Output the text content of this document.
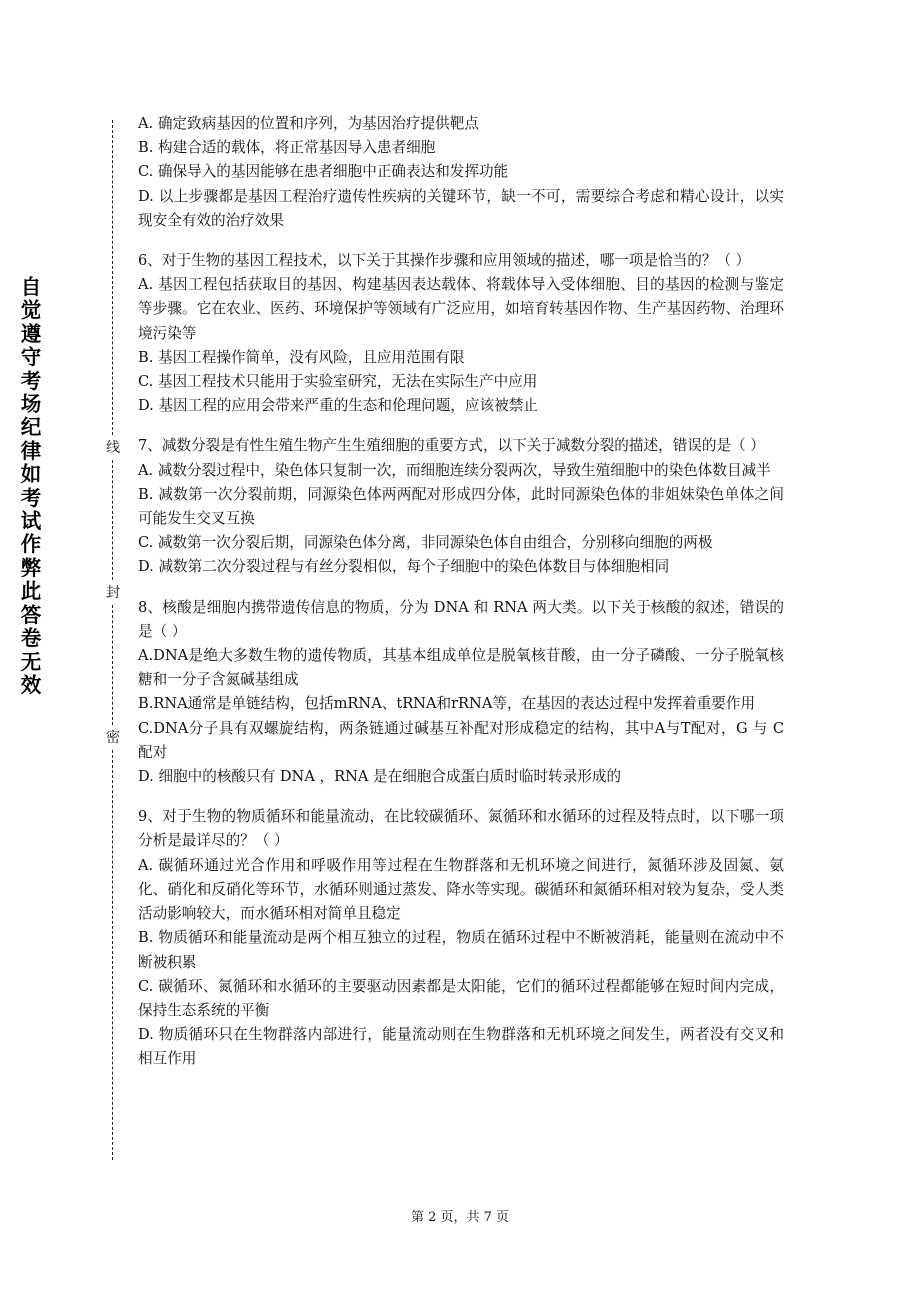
自觉遵守考场纪律如考试作弊此答卷无效
线
封
密

A. 确定致病基因的位置和序列，为基因治疗提供靶点

B. 构建合适的载体，将正常基因导入患者细胞

C. 确保导入的基因能够在患者细胞中正确表达和发挥功能

D. 以上步骤都是基因工程治疗遗传性疾病的关键环节，缺一不可，需要综合考虑和精心设计，以实现安全有效的治疗效果

6、对于生物的基因工程技术，以下关于其操作步骤和应用领域的描述，哪一项是恰当的？（ ）

A. 基因工程包括获取目的基因、构建基因表达载体、将载体导入受体细胞、目的基因的检测与鉴定等步骤。它在农业、医药、环境保护等领域有广泛应用，如培育转基因作物、生产基因药物、治理环境污染等

B. 基因工程操作简单，没有风险，且应用范围有限

C. 基因工程技术只能用于实验室研究，无法在实际生产中应用

D. 基因工程的应用会带来严重的生态和伦理问题，应该被禁止

7、减数分裂是有性生殖生物产生生殖细胞的重要方式，以下关于减数分裂的描述，错误的是（ ）

A. 减数分裂过程中，染色体只复制一次，而细胞连续分裂两次，导致生殖细胞中的染色体数目减半

B. 减数第一次分裂前期，同源染色体两两配对形成四分体，此时同源染色体的非姐妹染色单体之间可能发生交叉互换

C. 减数第一次分裂后期，同源染色体分离，非同源染色体自由组合，分别移向细胞的两极

D. 减数第二次分裂过程与有丝分裂相似，每个子细胞中的染色体数目与体细胞相同

8、核酸是细胞内携带遗传信息的物质，分为 DNA 和 RNA 两大类。以下关于核酸的叙述，错误的是（ ）

A.DNA是绝大多数生物的遗传物质，其基本组成单位是脱氧核苷酸，由一分子磷酸、一分子脱氧核糖和一分子含氮碱基组成

B.RNA通常是单链结构，包括mRNA、tRNA和rRNA等，在基因的表达过程中发挥着重要作用

C.DNA分子具有双螺旋结构，两条链通过碱基互补配对形成稳定的结构，其中A与T配对，G 与 C 配对

D. 细胞中的核酸只有 DNA ，RNA 是在细胞合成蛋白质时临时转录形成的

9、对于生物的物质循环和能量流动，在比较碳循环、氮循环和水循环的过程及特点时，以下哪一项分析是最详尽的？（ ）

A. 碳循环通过光合作用和呼吸作用等过程在生物群落和无机环境之间进行，氮循环涉及固氮、氨化、硝化和反硝化等环节，水循环则通过蒸发、降水等实现。碳循环和氮循环相对较为复杂，受人类活动影响较大，而水循环相对简单且稳定

B. 物质循环和能量流动是两个相互独立的过程，物质在循环过程中不断被消耗，能量则在流动中不断被积累

C. 碳循环、氮循环和水循环的主要驱动因素都是太阳能，它们的循环过程都能够在短时间内完成，保持生态系统的平衡

D. 物质循环只在生物群落内部进行，能量流动则在生物群落和无机环境之间发生，两者没有交叉和相互作用

第 2 页，共 7 页
